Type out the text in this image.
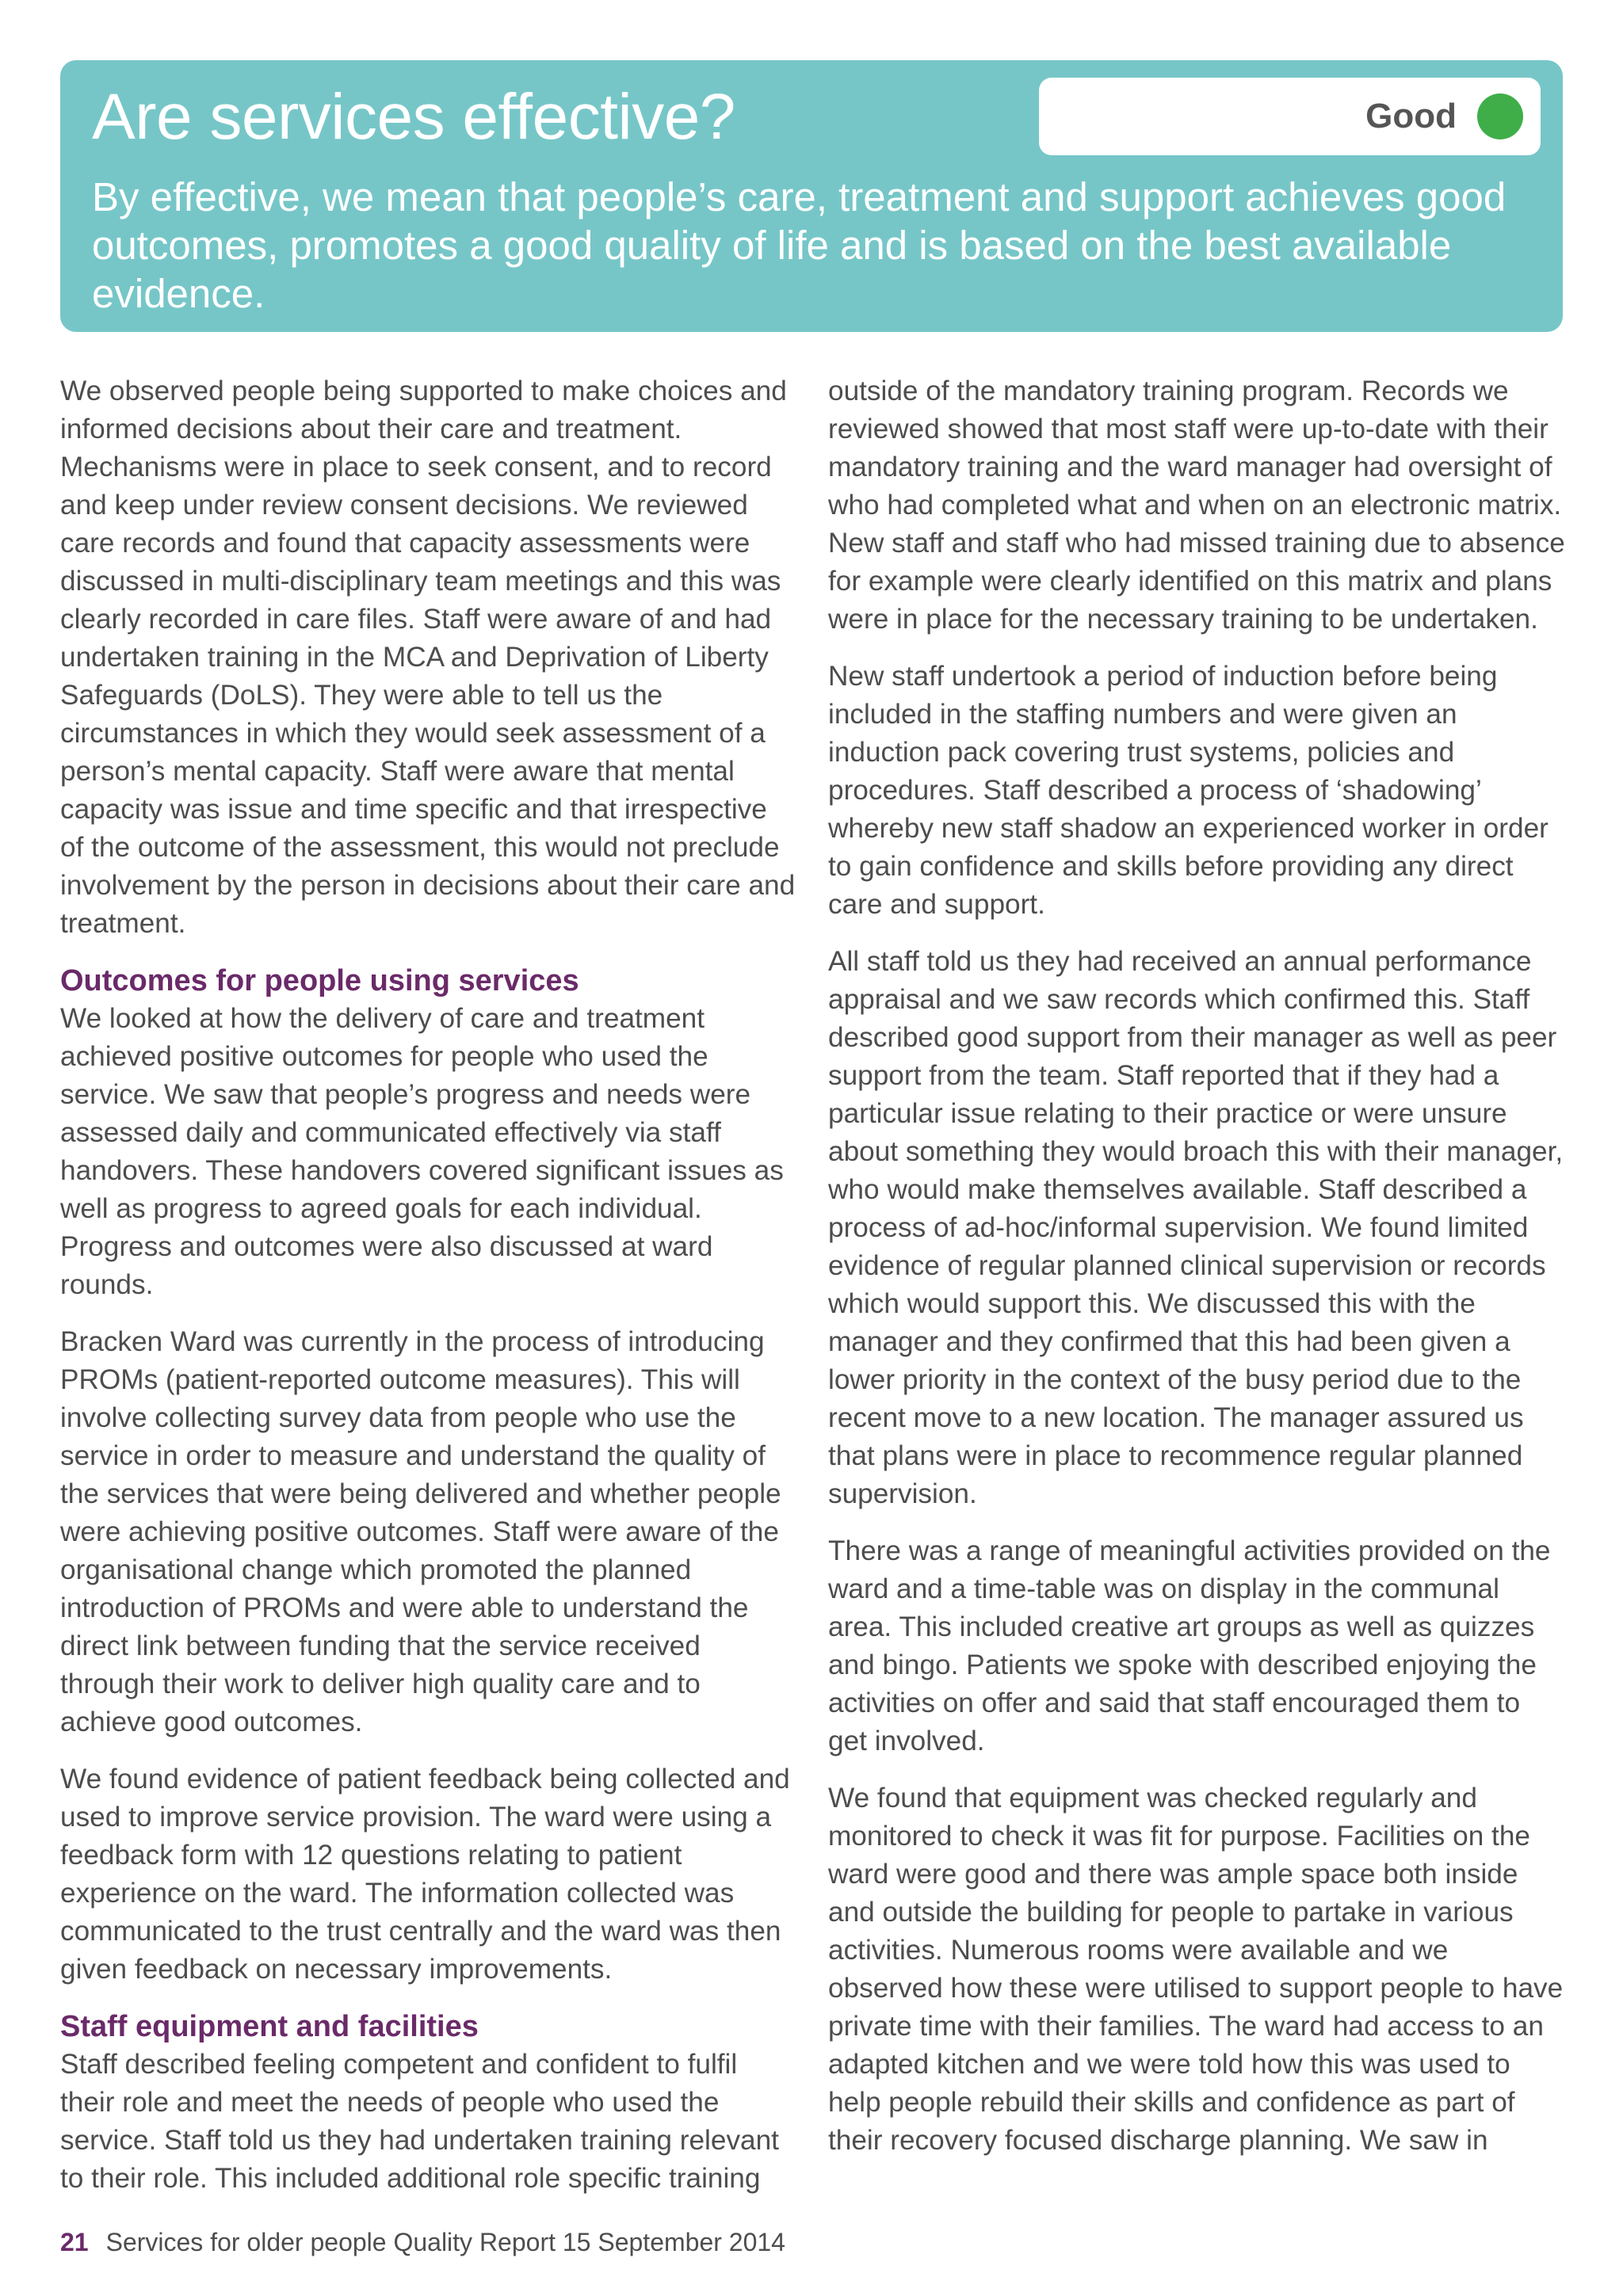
Are services effective?

By effective, we mean that people’s care, treatment and support achieves good outcomes, promotes a good quality of life and is based on the best available evidence.

Good

We observed people being supported to make choices and informed decisions about their care and treatment. Mechanisms were in place to seek consent, and to record and keep under review consent decisions. We reviewed care records and found that capacity assessments were discussed in multi-disciplinary team meetings and this was clearly recorded in care files. Staff were aware of and had undertaken training in the MCA and Deprivation of Liberty Safeguards (DoLS). They were able to tell us the circumstances in which they would seek assessment of a person’s mental capacity. Staff were aware that mental capacity was issue and time specific and that irrespective of the outcome of the assessment, this would not preclude involvement by the person in decisions about their care and treatment.

Outcomes for people using services

We looked at how the delivery of care and treatment achieved positive outcomes for people who used the service. We saw that people’s progress and needs were assessed daily and communicated effectively via staff handovers. These handovers covered significant issues as well as progress to agreed goals for each individual. Progress and outcomes were also discussed at ward rounds.

Bracken Ward was currently in the process of introducing PROMs (patient-reported outcome measures). This will involve collecting survey data from people who use the service in order to measure and understand the quality of the services that were being delivered and whether people were achieving positive outcomes. Staff were aware of the organisational change which promoted the planned introduction of PROMs and were able to understand the direct link between funding that the service received through their work to deliver high quality care and to achieve good outcomes.

We found evidence of patient feedback being collected and used to improve service provision. The ward were using a feedback form with 12 questions relating to patient experience on the ward. The information collected was communicated to the trust centrally and the ward was then given feedback on necessary improvements.

Staff equipment and facilities

Staff described feeling competent and confident to fulfil their role and meet the needs of people who used the service. Staff told us they had undertaken training relevant to their role. This included additional role specific training

outside of the mandatory training program. Records we reviewed showed that most staff were up-to-date with their mandatory training and the ward manager had oversight of who had completed what and when on an electronic matrix. New staff and staff who had missed training due to absence for example were clearly identified on this matrix and plans were in place for the necessary training to be undertaken.

New staff undertook a period of induction before being included in the staffing numbers and were given an induction pack covering trust systems, policies and procedures. Staff described a process of ‘shadowing’ whereby new staff shadow an experienced worker in order to gain confidence and skills before providing any direct care and support.

All staff told us they had received an annual performance appraisal and we saw records which confirmed this. Staff described good support from their manager as well as peer support from the team. Staff reported that if they had a particular issue relating to their practice or were unsure about something they would broach this with their manager, who would make themselves available. Staff described a process of ad-hoc/informal supervision. We found limited evidence of regular planned clinical supervision or records which would support this. We discussed this with the manager and they confirmed that this had been given a lower priority in the context of the busy period due to the recent move to a new location. The manager assured us that plans were in place to recommence regular planned supervision.

There was a range of meaningful activities provided on the ward and a time-table was on display in the communal area. This included creative art groups as well as quizzes and bingo. Patients we spoke with described enjoying the activities on offer and said that staff encouraged them to get involved.

We found that equipment was checked regularly and monitored to check it was fit for purpose. Facilities on the ward were good and there was ample space both inside and outside the building for people to partake in various activities. Numerous rooms were available and we observed how these were utilised to support people to have private time with their families. The ward had access to an adapted kitchen and we were told how this was used to help people rebuild their skills and confidence as part of their recovery focused discharge planning. We saw in

21 Services for older people Quality Report 15 September 2014
